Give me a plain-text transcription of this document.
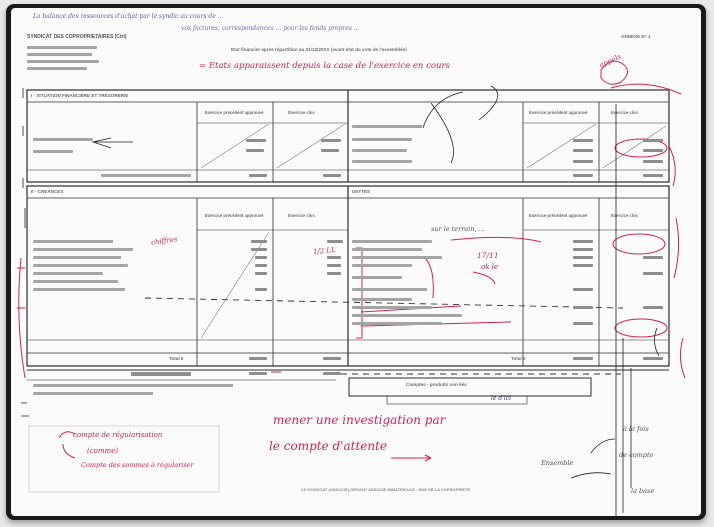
La balance des ressources d'achat par le syndic au cours de ...
vos factures, correspondances ... pour les fonds propres ...
SYNDICAT DES COPROPRIETAIRES (Ctrl)	ANNEXE N° 1
Etat financier après répartition au 31/12/20XX (avant état du vote de l'assemblée)
= Etats apparaissent depuis la case de l'exercice en cours	appels
I - SITUATION FINANCIÈRE ET TRÉSORERIE
II - CRÉANCES	DETTES
Exercice précédent approuvé	Exercice clos	Exercice précédent approuvé	Exercice clos
Exercice précédent approuvé	Exercice clos	Exercice précédent approuvé	Exercice clos
Total II	Total II
Comptes - produits non liés
LE SYNDICAT (ASSOCIÉ) GÉRANT ASSOCIÉ IMMATRICULÉ - RUE DE LA COPROPRIÉTÉ
chiffres
1/2 LL
sur le terrain, ...
17/11
ok le
le d'ici
mener une investigation par
le compte d'attente
compte de régularisation
(comme)
Compte des sommes à régulariser
à la fois
Ensemble
de compte
la base
